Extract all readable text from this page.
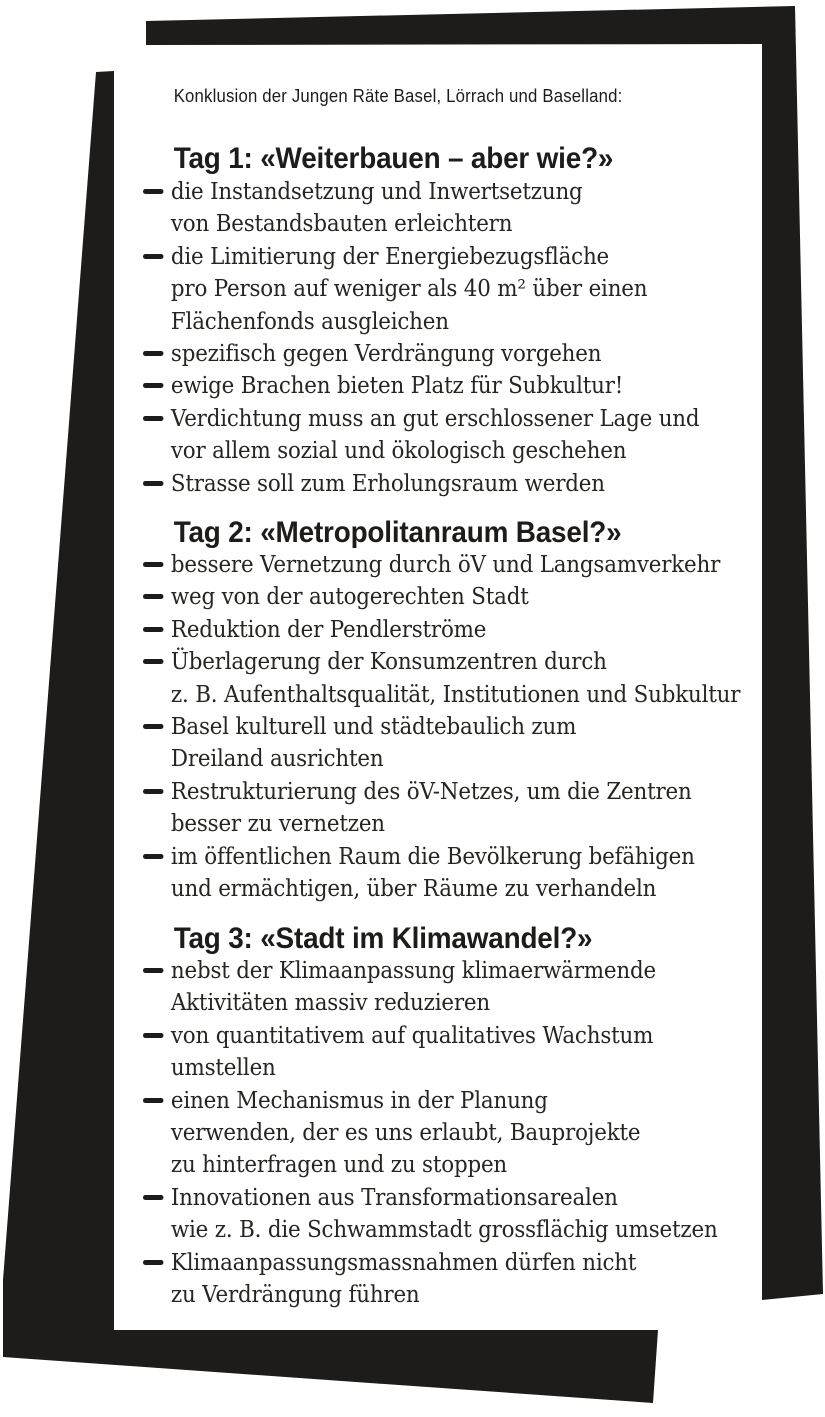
Konklusion der Jungen Räte Basel, Lörrach und Baselland:
Tag 1: «Weiterbauen – aber wie?»
die Instandsetzung und Inwertsetzung
von Bestandsbauten erleichtern
die Limitierung der Energiebezugsfläche
pro Person auf weniger als 40 m² über einen
Flächenfonds ausgleichen
spezifisch gegen Verdrängung vorgehen
ewige Brachen bieten Platz für Subkultur!
Verdichtung muss an gut erschlossener Lage und
vor allem sozial und ökologisch geschehen
Strasse soll zum Erholungsraum werden
Tag 2: «Metropolitanraum Basel?»
bessere Vernetzung durch öV und Langsamverkehr
weg von der autogerechten Stadt
Reduktion der Pendlerströme
Überlagerung der Konsumzentren durch
z. B. Aufenthaltsqualität, Institutionen und Subkultur
Basel kulturell und städtebaulich zum
Dreiland ausrichten
Restrukturierung des öV-Netzes, um die Zentren
besser zu vernetzen
im öffentlichen Raum die Bevölkerung befähigen
und ermächtigen, über Räume zu verhandeln
Tag 3: «Stadt im Klimawandel?»
nebst der Klimaanpassung klimaerwärmende
Aktivitäten massiv reduzieren
von quantitativem auf qualitatives Wachstum
umstellen
einen Mechanismus in der Planung
verwenden, der es uns erlaubt, Bauprojekte
zu hinterfragen und zu stoppen
Innovationen aus Transformationsarealen
wie z. B. die Schwammstadt grossflächig umsetzen
Klimaanpassungsmassnahmen dürfen nicht
zu Verdrängung führen
